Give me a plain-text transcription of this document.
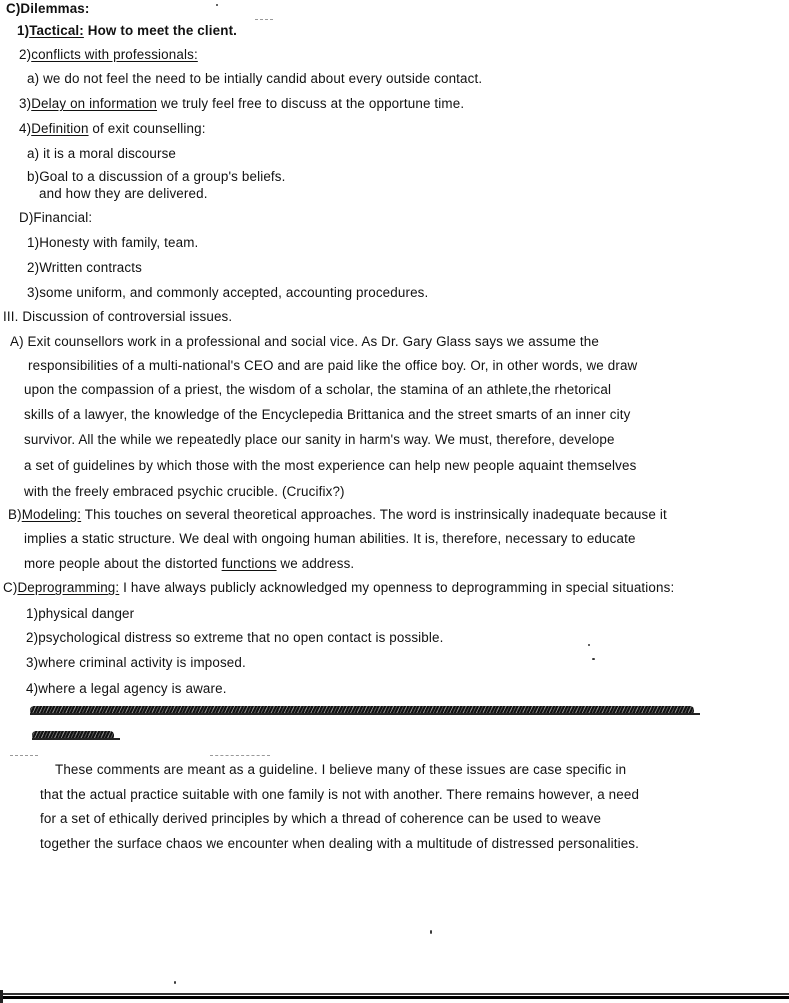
C)Dilemmas:
1)Tactical: How to meet the client.
2)conflicts with professionals:
a) we do not feel the need to be intially candid about every outside contact.
3)Delay on information we truly feel free to discuss at the opportune time.
4)Definition of exit counselling:
a) it is a moral discourse
b)Goal to a discussion of a group's beliefs.
and how they are delivered.
D)Financial:
1)Honesty with family, team.
2)Written contracts
3)some uniform, and commonly accepted, accounting procedures.
III. Discussion of controversial issues.
A) Exit counsellors work in a professional and social vice. As Dr. Gary Glass says we assume the
responsibilities of a multi-national's CEO and are paid like the office boy. Or, in other words, we draw
upon the compassion of a priest, the wisdom of a scholar, the stamina of an athlete,the rhetorical
skills of a lawyer, the knowledge of the Encyclepedia Brittanica and the street smarts of an inner city
survivor. All the while we repeatedly place our sanity in harm's way. We must, therefore, develope
a set of guidelines by which those with the most experience can help new people aquaint themselves
with the freely embraced psychic crucible. (Crucifix?)
B)Modeling: This touches on several theoretical approaches. The word is instrinsically inadequate because it
implies a static structure. We deal with ongoing human abilities. It is, therefore, necessary to educate
more people about the distorted functions we address.
C)Deprogramming: I have always publicly acknowledged my openness to deprogramming in special situations:
1)physical danger
2)psychological distress so extreme that no open contact is possible.
3)where criminal activity is imposed.
4)where a legal agency is aware.
These comments are meant as a guideline. I believe many of these issues are case specific in
that the actual practice suitable with one family is not with another. There remains however, a need
for a set of ethically derived principles by which a thread of coherence can be used to weave
together the surface chaos we encounter when dealing with a multitude of distressed personalities.
